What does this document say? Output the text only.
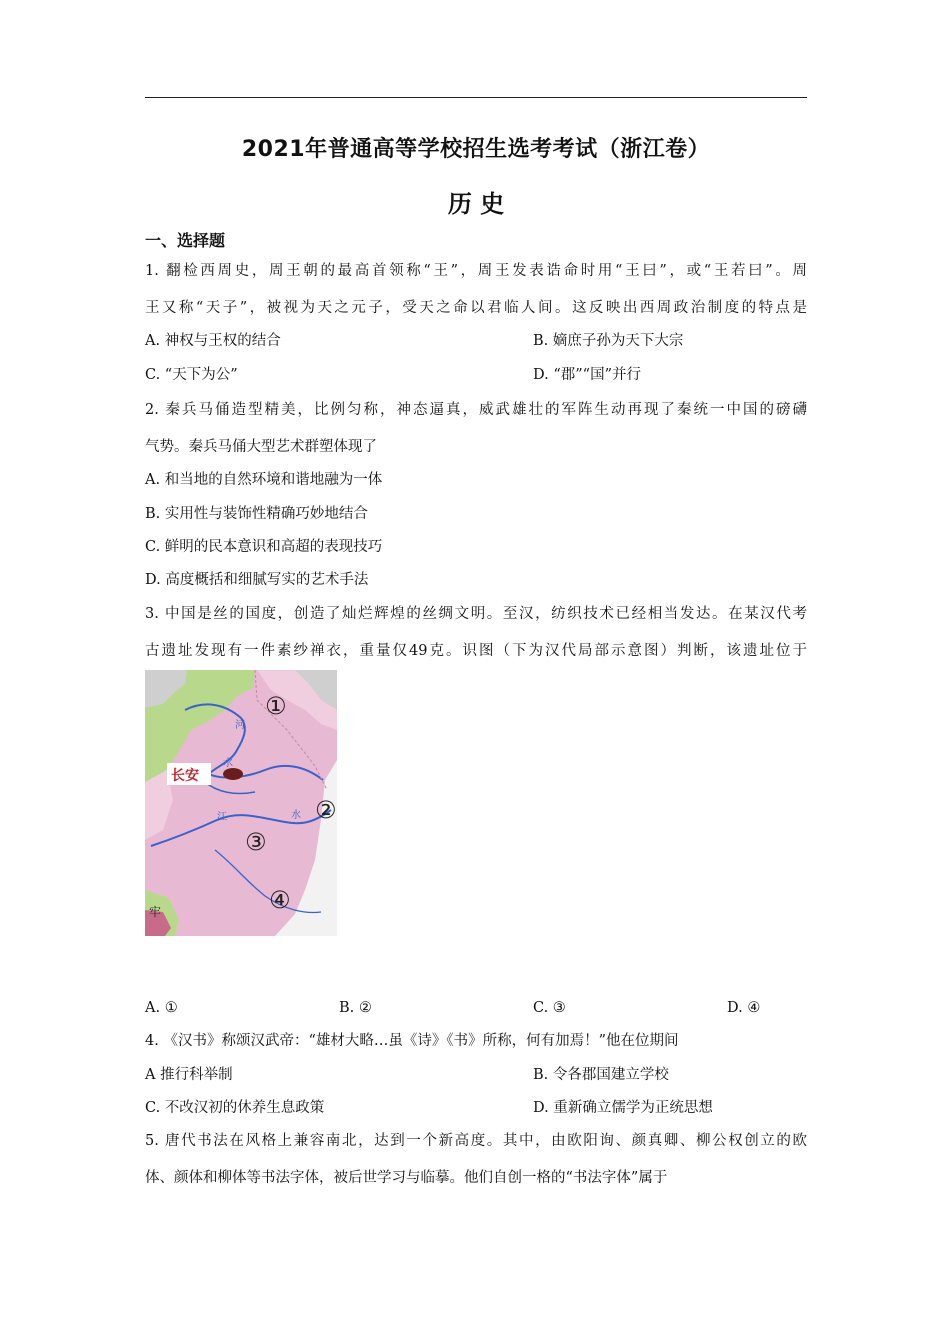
2021年普通高等学校招生选考考试（浙江卷）
历 史
一、选择题
1. 翻检西周史，周王朝的最高首领称“王”，周王发表诰命时用“王曰”，或“王若曰”。周
王又称“天子”，被视为天之元子，受天之命以君临人间。这反映出西周政治制度的特点是
A. 神权与王权的结合	B. 嫡庶子孙为天下大宗
C. “天下为公”	D. “郡”“国”并行
2. 秦兵马俑造型精美，比例匀称，神态逼真，威武雄壮的军阵生动再现了秦统一中国的磅礴
气势。秦兵马俑大型艺术群塑体现了
A. 和当地的自然环境和谐地融为一体
B. 实用性与装饰性精确巧妙地结合
C. 鲜明的民本意识和高超的表现技巧
D. 高度概括和细腻写实的艺术手法
3. 中国是丝的国度，创造了灿烂辉煌的丝绸文明。至汉，纺织技术已经相当发达。在某汉代考
古遗址发现有一件素纱禅衣，重量仅49克。识图（下为汉代局部示意图）判断，该遗址位于
长安
①
②
③
④
河
水
江	水
牢
A. ①	B. ②	C. ③	D. ④
4. 《汉书》称颂汉武帝：“雄材大略…虽《诗》《书》所称，何有加焉！”他在位期间
A 推行科举制	B. 令各郡国建立学校
C. 不改汉初的休养生息政策	D. 重新确立儒学为正统思想
5. 唐代书法在风格上兼容南北，达到一个新高度。其中，由欧阳询、颜真卿、柳公权创立的欧
体、颜体和柳体等书法字体，被后世学习与临摹。他们自创一格的“书法字体”属于
